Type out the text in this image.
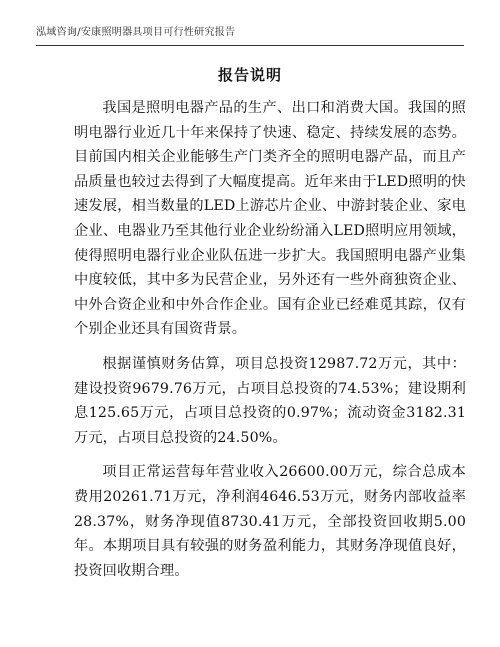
泓域咨询/安康照明器具项目可行性研究报告
报告说明

我国是照明电器产品的生产、出口和消费大国。我国的照明电器行业近几十年来保持了快速、稳定、持续发展的态势。目前国内相关企业能够生产门类齐全的照明电器产品，而且产品质量也较过去得到了大幅度提高。近年来由于LED照明的快速发展，相当数量的LED上游芯片企业、中游封装企业、家电企业、电器业乃至其他行业企业纷纷涌入LED照明应用领域，使得照明电器行业企业队伍进一步扩大。我国照明电器产业集中度较低，其中多为民营企业，另外还有一些外商独资企业、中外合资企业和中外合作企业。国有企业已经难觅其踪，仅有个别企业还具有国资背景。

根据谨慎财务估算，项目总投资12987.72万元，其中：建设投资9679.76万元，占项目总投资的74.53%；建设期利息125.65万元，占项目总投资的0.97%；流动资金3182.31万元，占项目总投资的24.50%。

项目正常运营每年营业收入26600.00万元，综合总成本费用20261.71万元，净利润4646.53万元，财务内部收益率28.37%，财务净现值8730.41万元，全部投资回收期5.00年。本期项目具有较强的财务盈利能力，其财务净现值良好，投资回收期合理。
